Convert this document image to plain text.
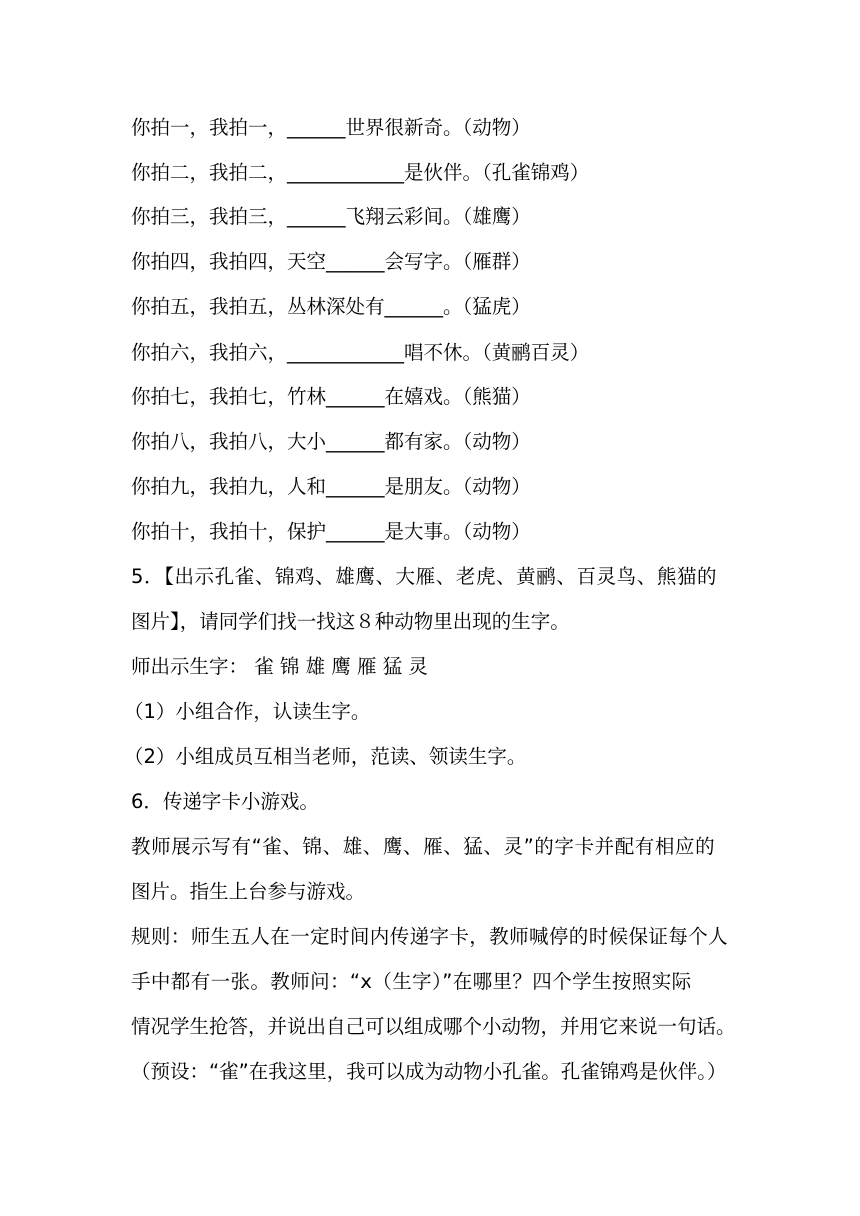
你拍一，我拍一，______世界很新奇。（动物）

你拍二，我拍二，____________是伙伴。（孔雀锦鸡）

你拍三，我拍三，______飞翔云彩间。（雄鹰）

你拍四，我拍四，天空______会写字。（雁群）

你拍五，我拍五，丛林深处有______。（猛虎）

你拍六，我拍六，____________唱不休。（黄鹂百灵）

你拍七，我拍七，竹林______在嬉戏。（熊猫）

你拍八，我拍八，大小______都有家。（动物）

你拍九，我拍九，人和______是朋友。（动物）

你拍十，我拍十，保护______是大事。（动物）

5．【出示孔雀、锦鸡、雄鹰、大雁、老虎、黄鹂、百灵鸟、熊猫的

图片】，请同学们找一找这８种动物里出现的生字。

师出示生字： 雀 锦 雄 鹰 雁 猛 灵

（1）小组合作，认读生字。

（2）小组成员互相当老师，范读、领读生字。

6．传递字卡小游戏。

教师展示写有“雀、锦、雄、鹰、雁、猛、灵”的字卡并配有相应的

图片。指生上台参与游戏。

规则：师生五人在一定时间内传递字卡，教师喊停的时候保证每个人

手中都有一张。教师问：“x（生字）”在哪里？四个学生按照实际

情况学生抢答，并说出自己可以组成哪个小动物，并用它来说一句话。

（预设：“雀”在我这里，我可以成为动物小孔雀。孔雀锦鸡是伙伴。）
